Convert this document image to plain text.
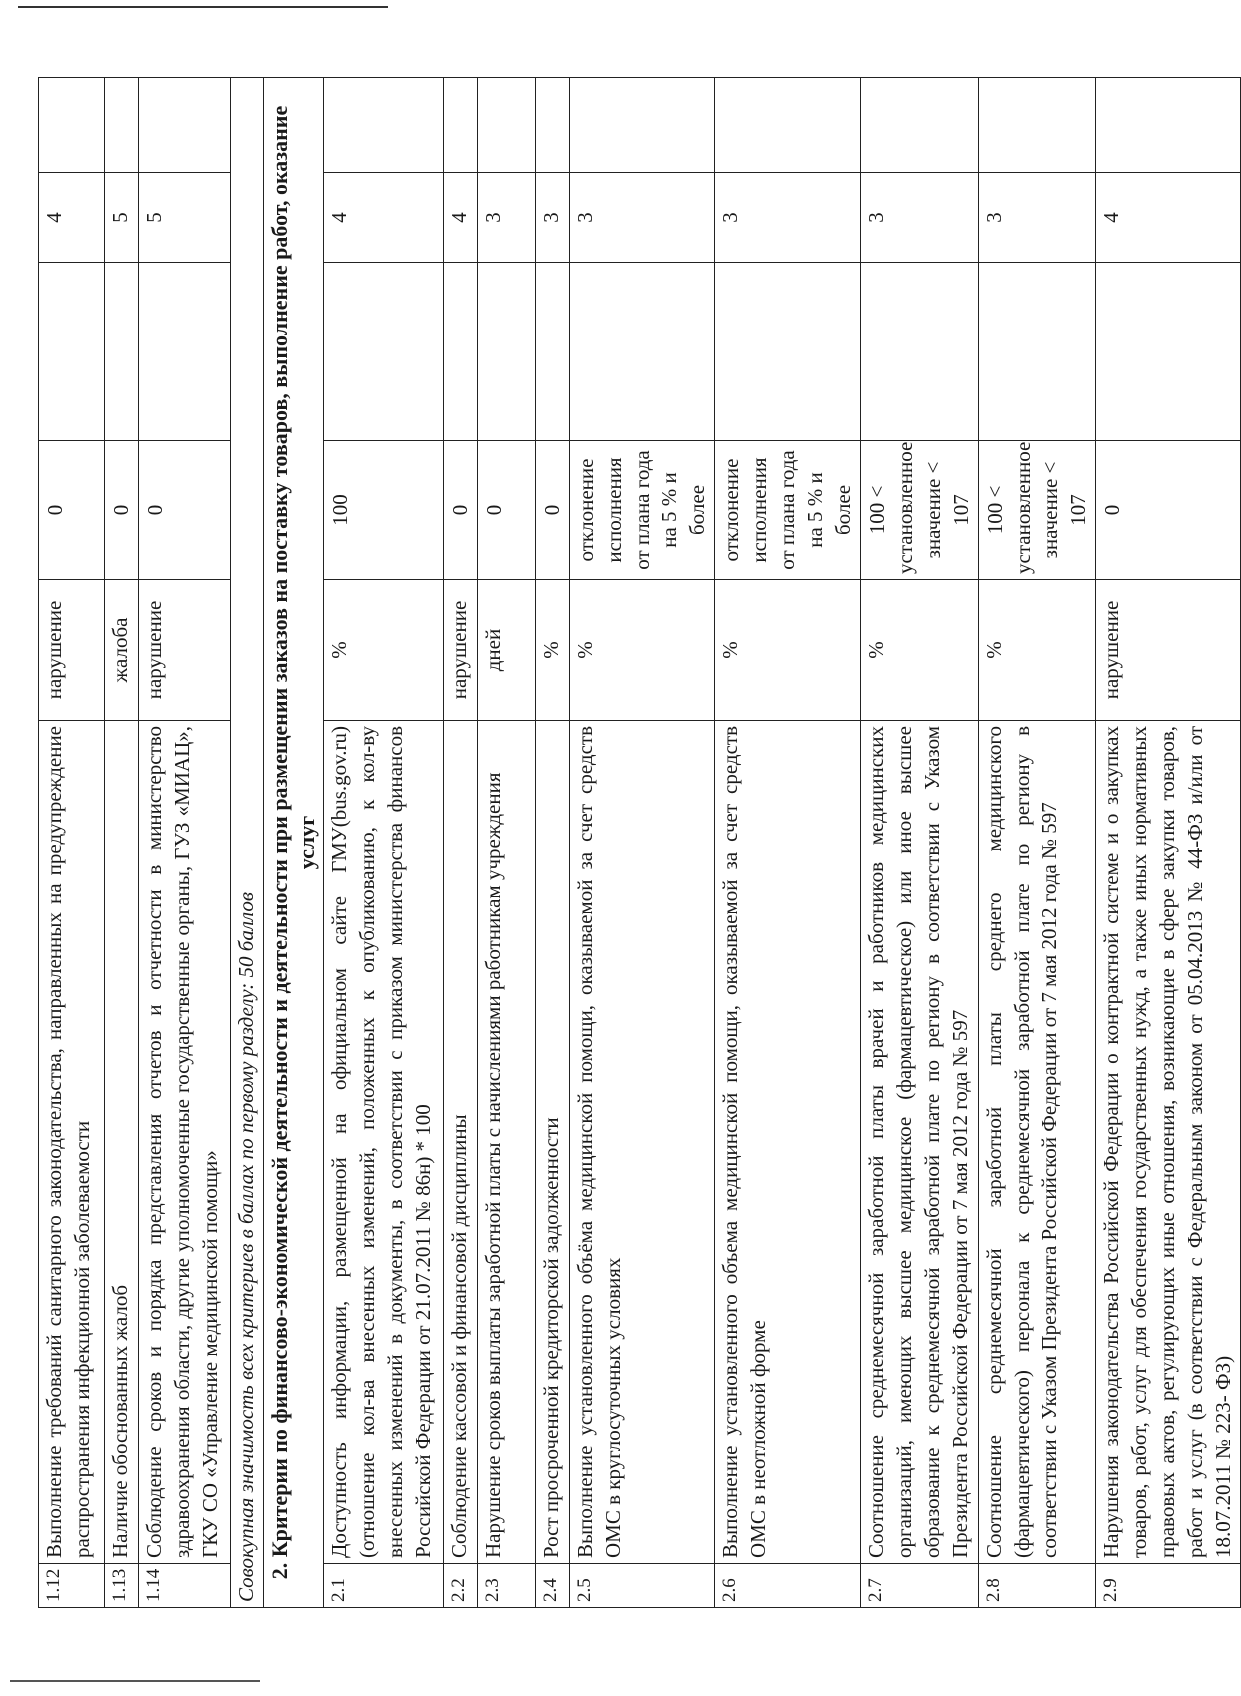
1.12	Выполнение требований санитарного законодательства, направленных на предупреждение распространения инфекционной заболеваемости	нарушение	0		4	
1.13	Наличие обоснованных жалоб	жалоба	0		5	
1.14	Соблюдение сроков и порядка представления отчетов и отчетности в министерство здравоохранения области, другие уполномоченные государственные органы, ГУЗ «МИАЦ», ГКУ СО «Управление медицинской помощи»	нарушение	0		5	
Совокупная значимость всех критериев в баллах по первому разделу: 50 баллов						
2. Критерии по финансово-экономической деятельности и деятельности при размещении заказов на поставку товаров, выполнение работ, оказание услуг						
2.1	Доступность информации, размещенной на официальном сайте ГМУ(bus.gov.ru) (отношение кол-ва внесенных изменений, положенных к опубликованию, к кол-ву внесенных изменений в документы, в соответствии с приказом министерства финансов Российской Федерации от 21.07.2011 № 86н) * 100	%	100		4	
2.2	Соблюдение кассовой и финансовой дисциплины	нарушение	0		4	
2.3	Нарушение сроков выплаты заработной платы с начислениями работникам учреждения	дней	0		3	
2.4	Рост просроченной кредиторской задолженности	%	0		3	
2.5	Выполнение установленного объёма медицинской помощи, оказываемой за счет средств ОМС в круглосуточных условиях	%	отклонение исполнения от плана года на 5 % и более		3	
2.6	Выполнение установленного объема медицинской помощи, оказываемой за счет средств ОМС в неотложной форме	%	отклонение исполнения от плана года на 5 % и более		3	
2.7	Соотношение среднемесячной заработной платы врачей и работников медицинских организаций, имеющих высшее медицинское (фармацевтическое) или иное высшее образование к среднемесячной заработной плате по региону в соответствии с Указом Президента Российской Федерации от 7 мая 2012 года № 597	%	100 < установленное значение < 107		3	
2.8	Соотношение среднемесячной заработной платы среднего медицинского (фармацевтического) персонала к среднемесячной заработной плате по региону в соответствии с Указом Президента Российской Федерации от 7 мая 2012 года № 597	%	100 < установленное значение < 107		3	
2.9	Нарушения законодательства Российской Федерации о контрактной системе и о закупках товаров, работ, услуг для обеспечения государственных нужд, а также иных нормативных правовых актов, регулирующих иные отношения, возникающие в сфере закупки товаров, работ и услуг (в соответствии с Федеральным законом от 05.04.2013 № 44-ФЗ и/или от 18.07.2011 № 223- ФЗ)	нарушение	0		4	
